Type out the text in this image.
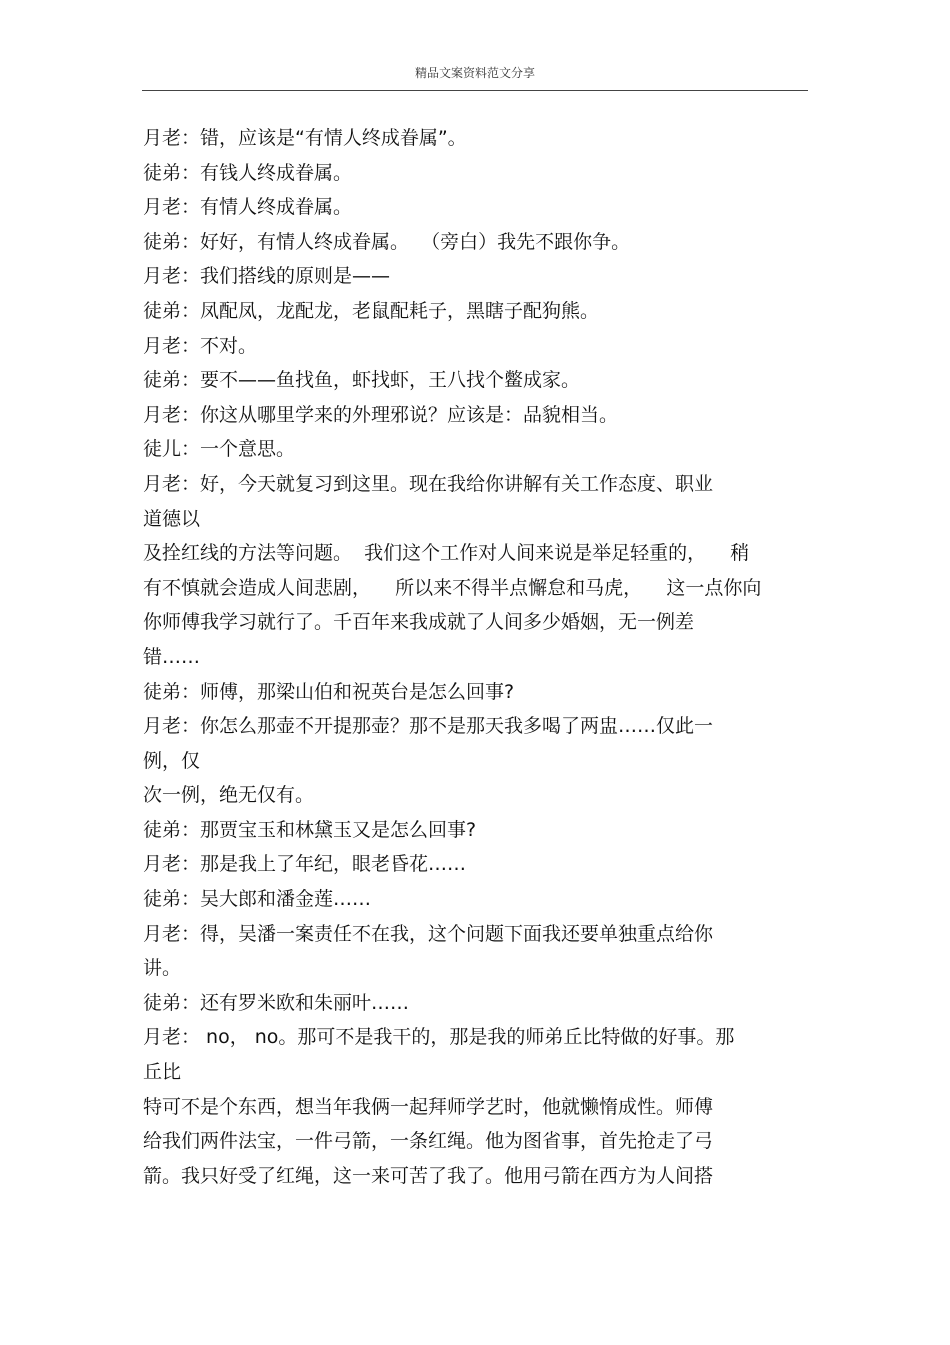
精品文案资料范文分享
月老：错，应该是“有情人终成眷属”。
徒弟：有钱人终成眷属。
月老：有情人终成眷属。
徒弟：好好，有情人终成眷属。  （旁白）我先不跟你争。
月老：我们搭线的原则是——
徒弟：凤配凤，龙配龙，老鼠配耗子，黑瞎子配狗熊。
月老：不对。
徒弟：要不——鱼找鱼，虾找虾，王八找个鳖成家。
月老：你这从哪里学来的外理邪说？应该是：品貌相当。
徒儿：一个意思。
月老：好，今天就复习到这里。现在我给你讲解有关工作态度、职业
道德以
及拴红线的方法等问题。  我们这个工作对人间来说是举足轻重的，    稍
有不慎就会造成人间悲剧，    所以来不得半点懈怠和马虎，    这一点你向
你师傅我学习就行了。千百年来我成就了人间多少婚姻，无一例差
错……
徒弟：师傅，那梁山伯和祝英台是怎么回事?
月老：你怎么那壶不开提那壶？那不是那天我多喝了两盅……仅此一
例，仅
次一例，绝无仅有。
徒弟：那贾宝玉和林黛玉又是怎么回事?
月老：那是我上了年纪，眼老昏花……
徒弟：吴大郎和潘金莲……
月老：得，吴潘一案责任不在我，这个问题下面我还要单独重点给你
讲。
徒弟：还有罗米欧和朱丽叶……
月老： no， no。那可不是我干的，那是我的师弟丘比特做的好事。那
丘比
特可不是个东西，想当年我俩一起拜师学艺时，他就懒惰成性。师傅
给我们两件法宝，一件弓箭，一条红绳。他为图省事，首先抢走了弓
箭。我只好受了红绳，这一来可苦了我了。他用弓箭在西方为人间搭
